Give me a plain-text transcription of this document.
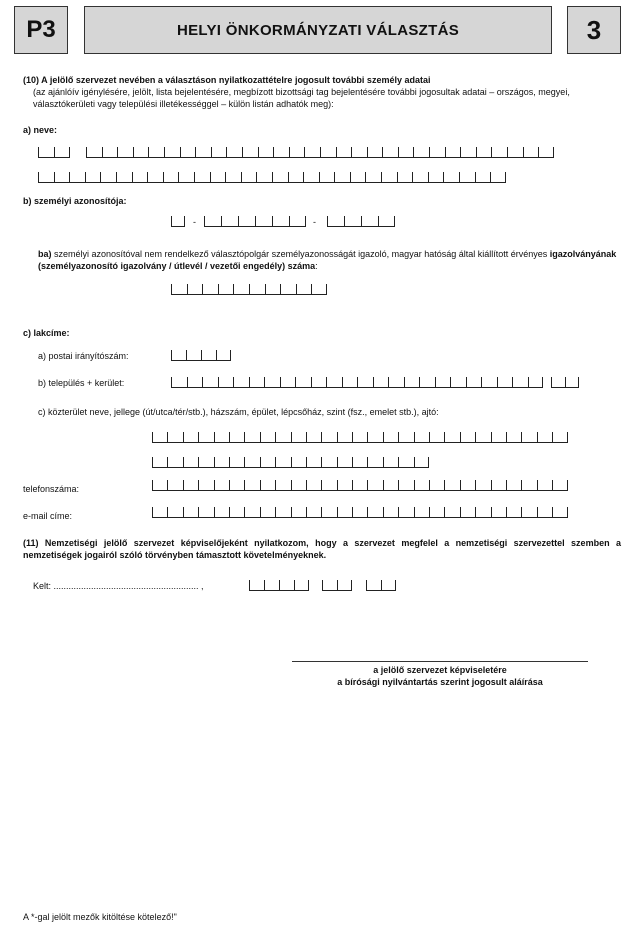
P3	HELYI ÖNKORMÁNYZATI VÁLASZTÁS	3
(10) A jelölő szervezet nevében a választáson nyilatkozattételre jogosult további személy adatai
(az ajánlóív igénylésére, jelölt, lista bejelentésére, megbízott bizottsági tag bejelentésére további jogosultak adatai – országos, megyei, választókerületi vagy települési illetékességgel – külön listán adhatók meg):
a) neve:
b) személyi azonosítója:
-	-
ba) személyi azonosítóval nem rendelkező választópolgár személyazonosságát igazoló, magyar hatóság által kiállított érvényes igazolványának (személyazonosító igazolvány / útlevél / vezetői engedély) száma:
c) lakcíme:
a) postai irányítószám:
b) település + kerület:
c) közterület neve, jellege (út/utca/tér/stb.), házszám, épület, lépcsőház, szint (fsz., emelet stb.), ajtó:
telefonszáma:
e-mail címe:
(11) Nemzetiségi jelölő szervezet képviselőjeként nyilatkozom, hogy a szervezet megfelel a nemzetiségi szervezettel szemben a nemzetiségek jogairól szóló törvényben támasztott követelményeknek.
Kelt: .......................................................... ,
a jelölő szervezet képviseletére
a bírósági nyilvántartás szerint jogosult aláírása
A *-gal jelölt mezők kitöltése kötelező!"
